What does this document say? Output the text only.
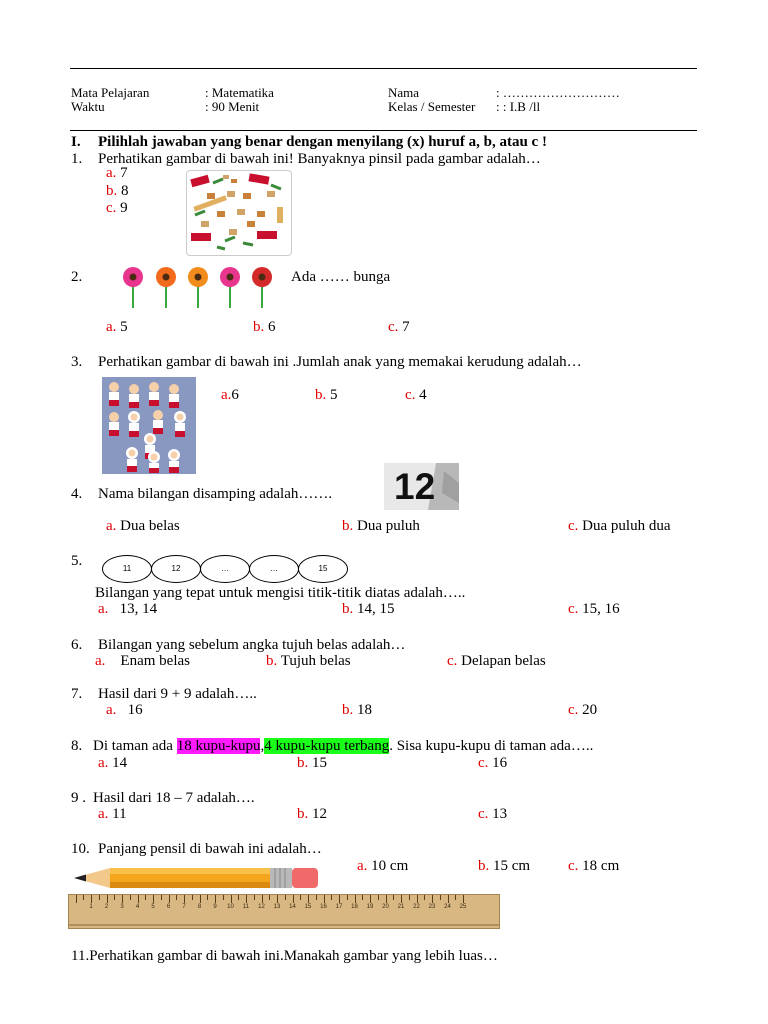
Mata Pelajaran	: Matematika	Nama	: ………………………
Waktu	: 90 Menit	Kelas / Semester : : I.B /ll
I. Pilihlah jawaban yang benar dengan menyilang (x) huruf a, b, atau c !
1. Perhatikan gambar di bawah ini! Banyaknya pinsil pada gambar adalah…
a. 7
b. 8
c. 9
2.	Ada …… bunga
a. 5	b. 6	c. 7
3. Perhatikan gambar di bawah ini .Jumlah anak yang memakai kerudung adalah…
a.6	b. 5	c. 4
12
4. Nama bilangan disamping adalah…….
a. Dua belas	b. Dua puluh	c. Dua puluh dua
5.	11	12	…	…	15
Bilangan yang tepat untuk mengisi titik-titik diatas adalah…..
a. 13, 14	b. 14, 15	c. 15, 16
6. Bilangan yang sebelum angka tujuh belas adalah…
a. Enam belas	b. Tujuh belas	c. Delapan belas
7. Hasil dari 9 + 9 adalah…..
a. 16	b. 18	c. 20
8. Di taman ada 18 kupu-kupu,4 kupu-kupu terbang. Sisa kupu-kupu di taman ada…..
a. 14	b. 15	c. 16
9 . Hasil dari 18 – 7 adalah….
a. 11	b. 12	c. 13
10. Panjang pensil di bawah ini adalah…
a. 10 cm	b. 15 cm	c. 18 cm
1	2	3	4	5	6	7	8	9	10	11	12	13	14	15	16	17	18	19	20	21	22	23	24	25
11.Perhatikan gambar di bawah ini.Manakah gambar yang lebih luas…
